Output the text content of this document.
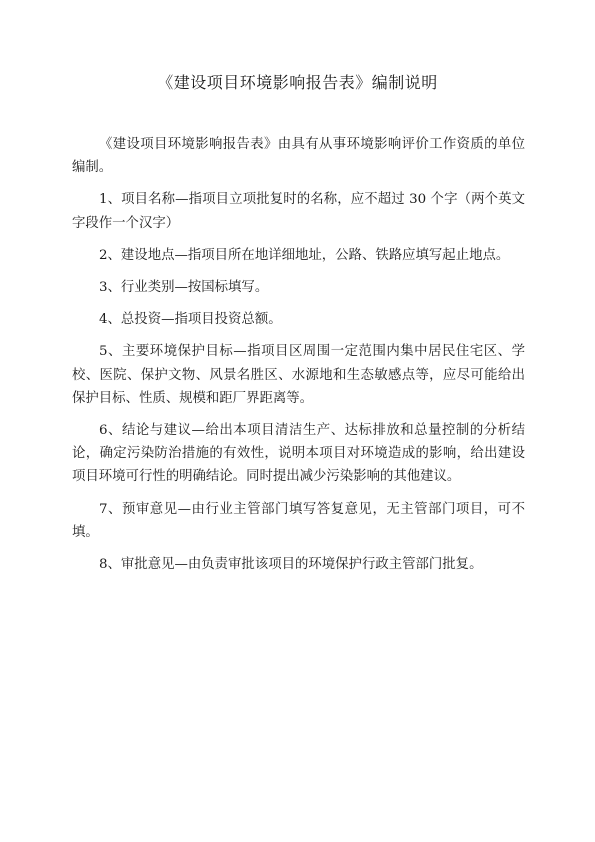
《建设项目环境影响报告表》编制说明

《建设项目环境影响报告表》由具有从事环境影响评价工作资质的单位编制。

1、项目名称—指项目立项批复时的名称，应不超过 30 个字（两个英文字段作一个汉字）

2、建设地点—指项目所在地详细地址，公路、铁路应填写起止地点。

3、行业类别—按国标填写。

4、总投资—指项目投资总额。

5、主要环境保护目标—指项目区周围一定范围内集中居民住宅区、学校、医院、保护文物、风景名胜区、水源地和生态敏感点等，应尽可能给出保护目标、性质、规模和距厂界距离等。

6、结论与建议—给出本项目清洁生产、达标排放和总量控制的分析结论，确定污染防治措施的有效性，说明本项目对环境造成的影响，给出建设项目环境可行性的明确结论。同时提出减少污染影响的其他建议。

7、预审意见—由行业主管部门填写答复意见，无主管部门项目，可不填。

8、审批意见—由负责审批该项目的环境保护行政主管部门批复。
